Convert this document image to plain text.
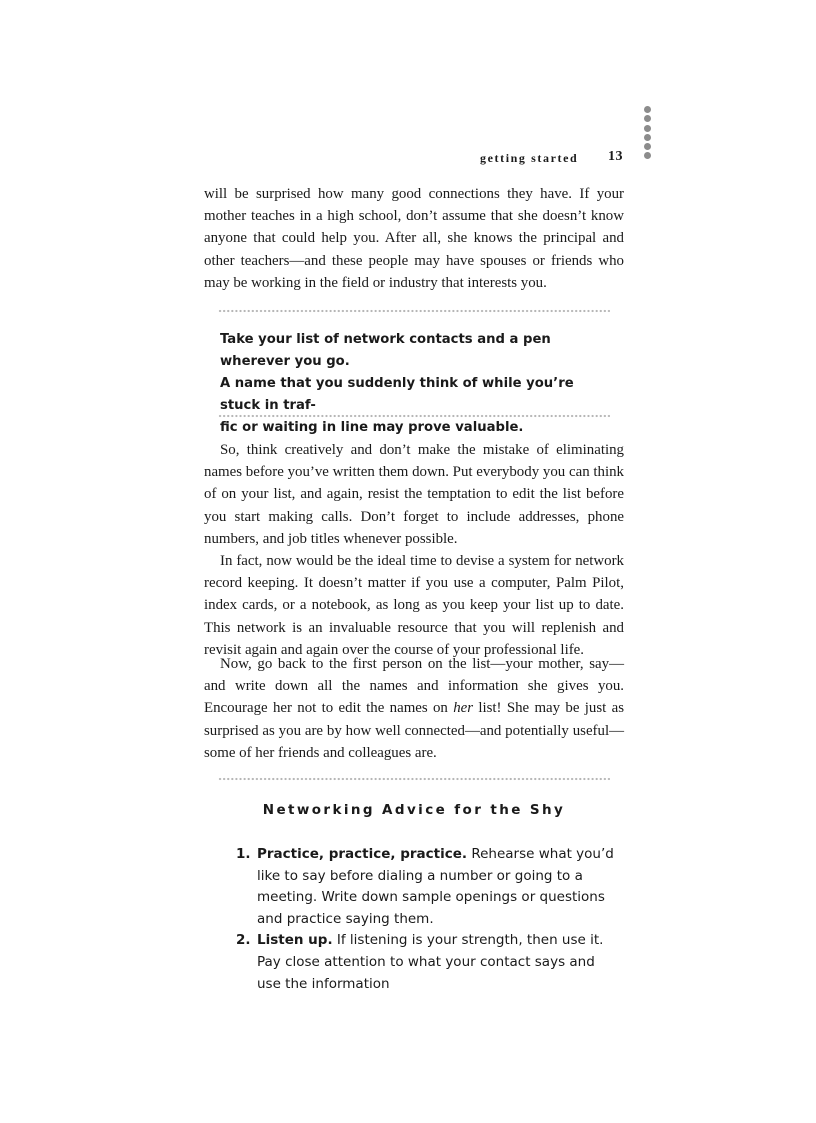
getting started 13

will be surprised how many good connections they have. If your mother teaches in a high school, don’t assume that she doesn’t know anyone that could help you. After all, she knows the principal and other teachers—and these people may have spouses or friends who may be working in the field or industry that interests you.

Take your list of network contacts and a pen wherever you go.
A name that you suddenly think of while you’re stuck in traf-
fic or waiting in line may prove valuable.

So, think creatively and don’t make the mistake of eliminating names before you’ve written them down. Put everybody you can think of on your list, and again, resist the temptation to edit the list before you start making calls. Don’t forget to include addresses, phone numbers, and job titles whenever possible.

In fact, now would be the ideal time to devise a system for network record keeping. It doesn’t matter if you use a computer, Palm Pilot, index cards, or a notebook, as long as you keep your list up to date. This network is an invaluable resource that you will replenish and revisit again and again over the course of your professional life.

Now, go back to the first person on the list—your mother, say—and write down all the names and information she gives you. Encourage her not to edit the names on her list! She may be just as surprised as you are by how well connected—and potentially useful—some of her friends and colleagues are.

Networking Advice for the Shy

1. Practice, practice, practice. Rehearse what you’d like to say before dialing a number or going to a meeting. Write down sample openings or questions and practice saying them.
2. Listen up. If listening is your strength, then use it. Pay close attention to what your contact says and use the information
